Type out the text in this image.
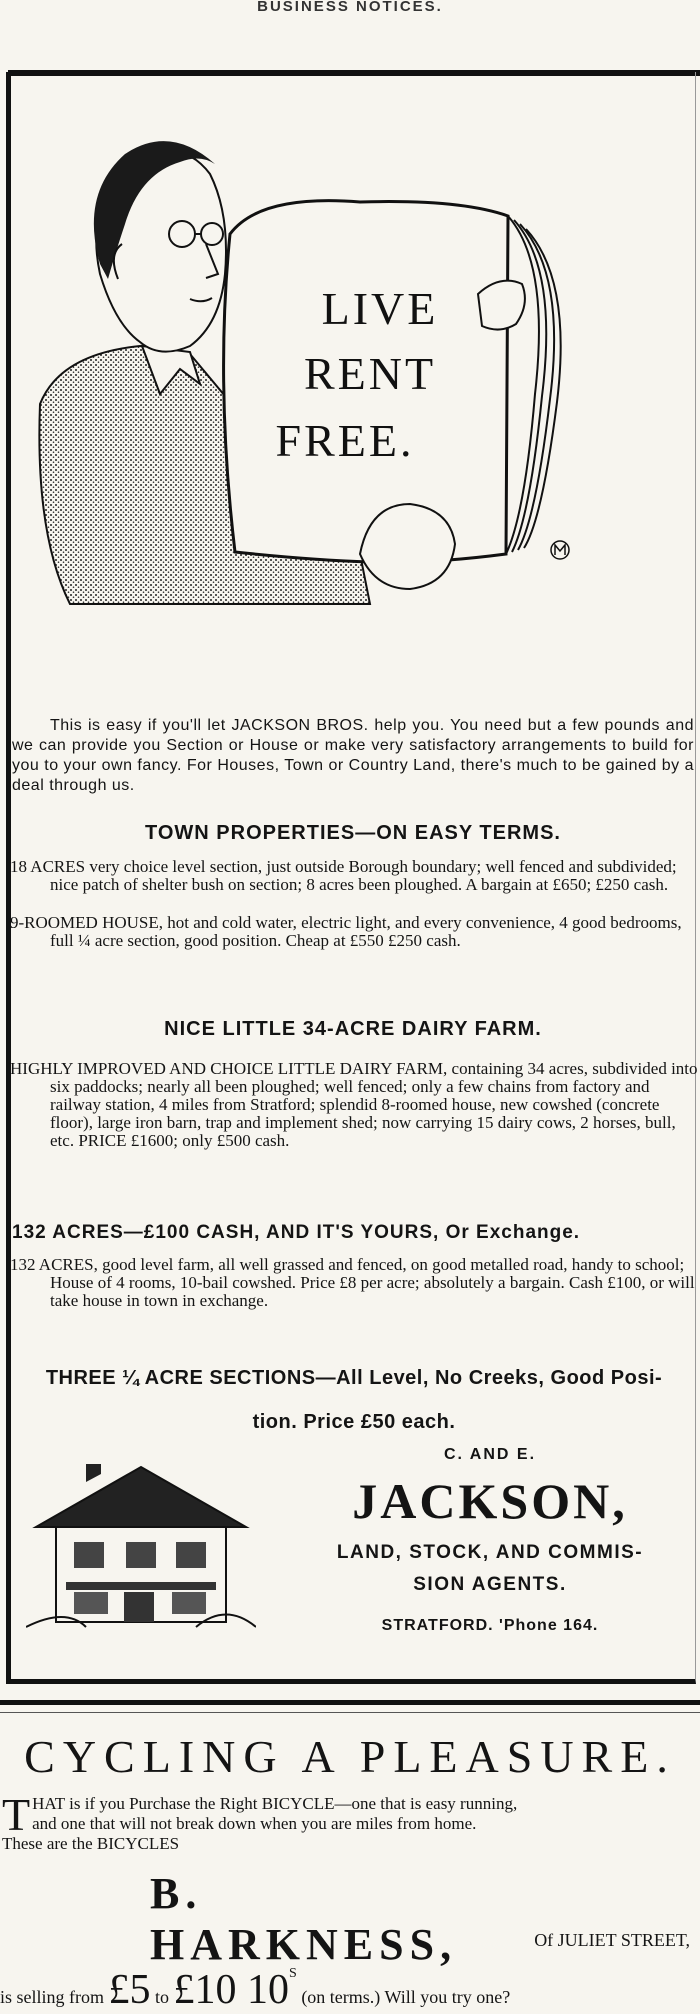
BUSINESS NOTICES.
LIVE
RENT
FREE.

This is easy if you'll let JACKSON BROS. help you. You need but a few pounds and we can provide you Section or House or make very satisfactory arrangements to build for you to your own fancy. For Houses, Town or Country Land, there's much to be gained by a deal through us.

TOWN PROPERTIES—ON EASY TERMS.
18 ACRES very choice level section, just outside Borough boundary; well fenced and subdivided; nice patch of shelter bush on section; 8 acres been ploughed. A bargain at £650; £250 cash.
9-ROOMED HOUSE, hot and cold water, electric light, and every convenience, 4 good bedrooms, full ¼ acre section, good position. Cheap at £550 £250 cash.
NICE LITTLE 34-ACRE DAIRY FARM.
HIGHLY IMPROVED AND CHOICE LITTLE DAIRY FARM, containing 34 acres, subdivided into six paddocks; nearly all been ploughed; well fenced; only a few chains from factory and railway station, 4 miles from Stratford; splendid 8-roomed house, new cowshed (concrete floor), large iron barn, trap and implement shed; now carrying 15 dairy cows, 2 horses, bull, etc. PRICE £1600; only £500 cash.
132 ACRES—£100 CASH, AND IT'S YOURS, Or Exchange.
132 ACRES, good level farm, all well grassed and fenced, on good metalled road, handy to school; House of 4 rooms, 10-bail cowshed. Price £8 per acre; absolutely a bargain. Cash £100, or will take house in town in exchange.
THREE ¼ ACRE SECTIONS—All Level, No Creeks, Good Posi-
tion. Price £50 each.
C. AND E.
JACKSON,
LAND, STOCK, AND COMMIS-
SION AGENTS.
STRATFORD. 'Phone 164.
CYCLING A PLEASURE.
T HAT is if you Purchase the Right BICYCLE—one that is easy running,
and one that will not break down when you are miles from home.
These are the BICYCLES
B. HARKNESS,	Of JULIET STREET,
is selling from £5 to £10 $10^S$ (on terms.) Will you try one?
